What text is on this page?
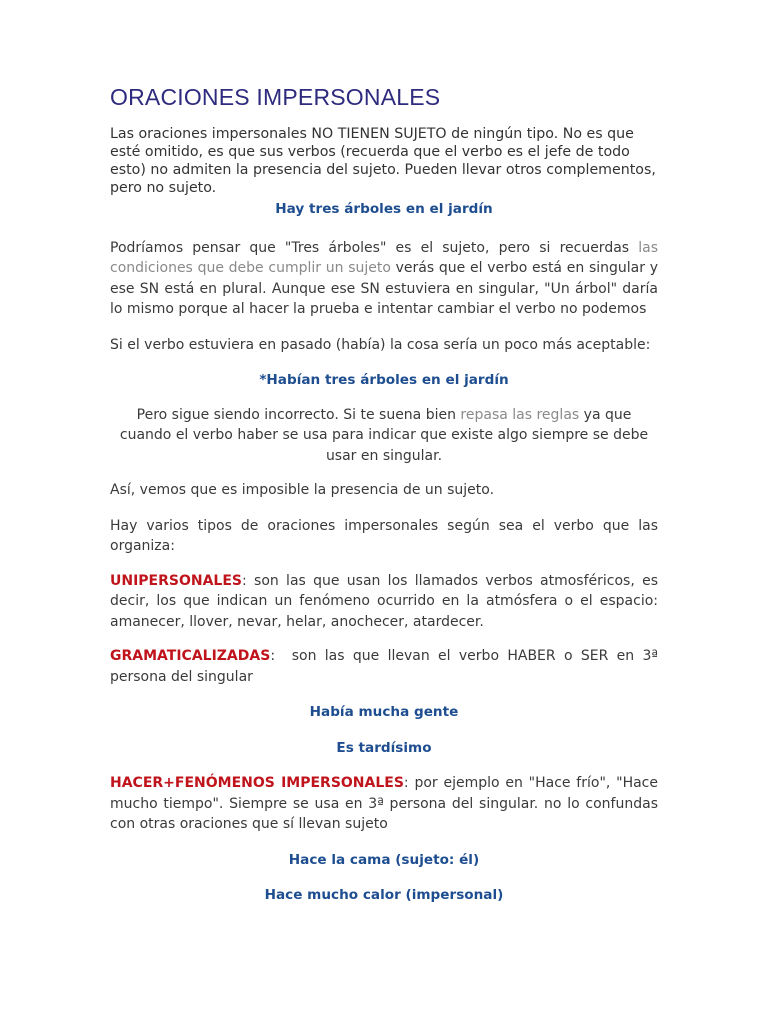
ORACIONES IMPERSONALES

Las oraciones impersonales NO TIENEN SUJETO de ningún tipo. No es que esté omitido, es que sus verbos (recuerda que el verbo es el jefe de todo esto) no admiten la presencia del sujeto. Pueden llevar otros complementos, pero no sujeto.

Hay tres árboles en el jardín

Podríamos pensar que "Tres árboles" es el sujeto, pero si recuerdas las condiciones que debe cumplir un sujeto verás que el verbo está en singular y ese SN está en plural. Aunque ese SN estuviera en singular, "Un árbol" daría lo mismo porque al hacer la prueba e intentar cambiar el verbo no podemos

Si el verbo estuviera en pasado (había) la cosa sería un poco más aceptable:

*Habían tres árboles en el jardín

Pero sigue siendo incorrecto. Si te suena bien repasa las reglas ya que cuando el verbo haber se usa para indicar que existe algo siempre se debe usar en singular.

Así, vemos que es imposible la presencia de un sujeto.

Hay varios tipos de oraciones impersonales según sea el verbo que las organiza:

UNIPERSONALES: son las que usan los llamados verbos atmosféricos, es decir, los que indican un fenómeno ocurrido en la atmósfera o el espacio: amanecer, llover, nevar, helar, anochecer, atardecer.

GRAMATICALIZADAS:  son las que llevan el verbo HABER o SER en 3ª persona del singular

Había mucha gente

Es tardísimo

HACER+FENÓMENOS IMPERSONALES: por ejemplo en "Hace frío", "Hace mucho tiempo". Siempre se usa en 3ª persona del singular. no lo confundas con otras oraciones que sí llevan sujeto

Hace la cama (sujeto: él)

Hace mucho calor (impersonal)
